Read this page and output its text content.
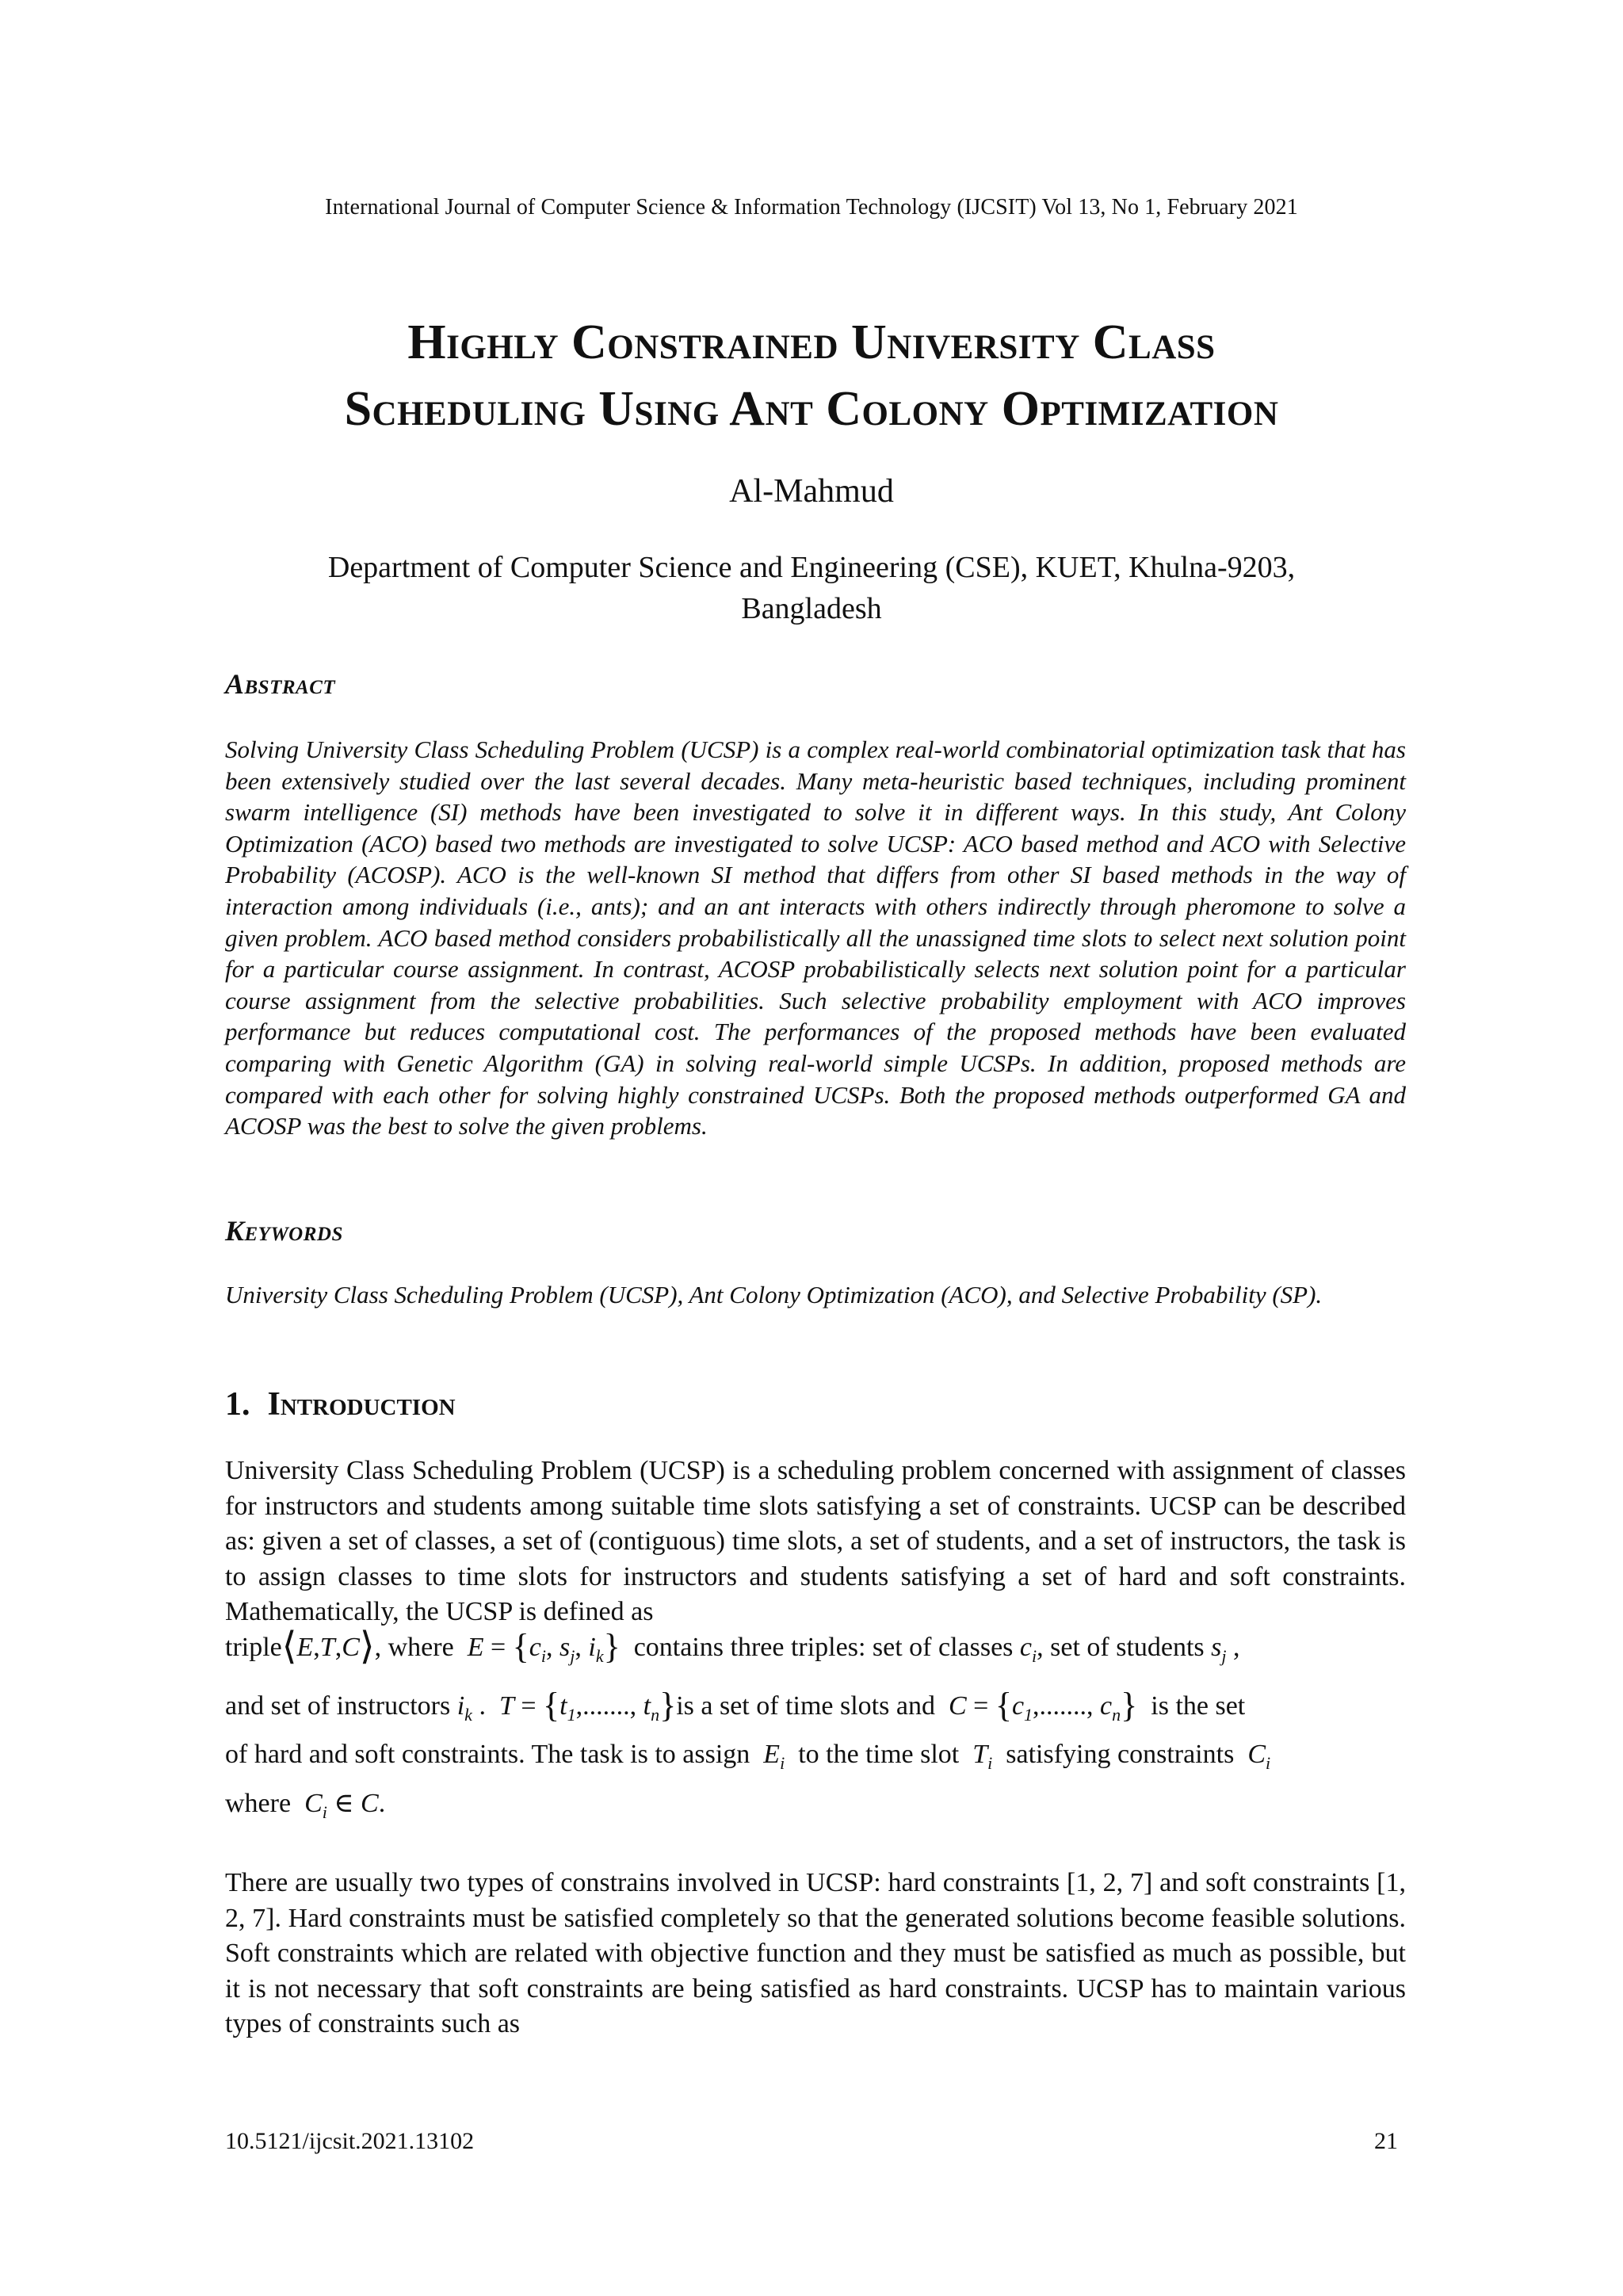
International Journal of Computer Science & Information Technology (IJCSIT) Vol 13, No 1, February 2021
Highly Constrained University Class
Scheduling Using Ant Colony Optimization
Al-Mahmud
Department of Computer Science and Engineering (CSE), KUET, Khulna-9203,
Bangladesh
Abstract
Solving University Class Scheduling Problem (UCSP) is a complex real-world combinatorial optimization task that has been extensively studied over the last several decades. Many meta-heuristic based techniques, including prominent swarm intelligence (SI) methods have been investigated to solve it in different ways. In this study, Ant Colony Optimization (ACO) based two methods are investigated to solve UCSP: ACO based method and ACO with Selective Probability (ACOSP). ACO is the well-known SI method that differs from other SI based methods in the way of interaction among individuals (i.e., ants); and an ant interacts with others indirectly through pheromone to solve a given problem. ACO based method considers probabilistically all the unassigned time slots to select next solution point for a particular course assignment. In contrast, ACOSP probabilistically selects next solution point for a particular course assignment from the selective probabilities. Such selective probability employment with ACO improves performance but reduces computational cost. The performances of the proposed methods have been evaluated comparing with Genetic Algorithm (GA) in solving real-world simple UCSPs. In addition, proposed methods are compared with each other for solving highly constrained UCSPs. Both the proposed methods outperformed GA and ACOSP was the best to solve the given problems.
Keywords
University Class Scheduling Problem (UCSP), Ant Colony Optimization (ACO), and Selective Probability (SP).
1. Introduction
University Class Scheduling Problem (UCSP) is a scheduling problem concerned with assignment of classes for instructors and students among suitable time slots satisfying a set of constraints. UCSP can be described as: given a set of classes, a set of (contiguous) time slots, a set of students, and a set of instructors, the task is to assign classes to time slots for instructors and students satisfying a set of hard and soft constraints. Mathematically, the UCSP is defined as
triple⟨E,T,C⟩, where $E = \{c_i$, $s_j$, $i_k$} contains three triples: set of classes $c_i$, set of students $s_j$ ,
and set of instructors $i_k$ .  $T = \{t_1$,......., $t_n\}is$ a set of time slots and $C = \{c_1$,......., $c_n$} is the set
of hard and soft constraints. The task is to assign $E_i$ to the time slot $T_i$ satisfying constraints $C_i$
where $C_i$ ∈ C.
There are usually two types of constrains involved in UCSP: hard constraints [1, 2, 7] and soft constraints [1, 2, 7]. Hard constraints must be satisfied completely so that the generated solutions become feasible solutions. Soft constraints which are related with objective function and they must be satisfied as much as possible, but it is not necessary that soft constraints are being satisfied as hard constraints. UCSP has to maintain various types of constraints such as
10.5121/ijcsit.2021.13102	21
